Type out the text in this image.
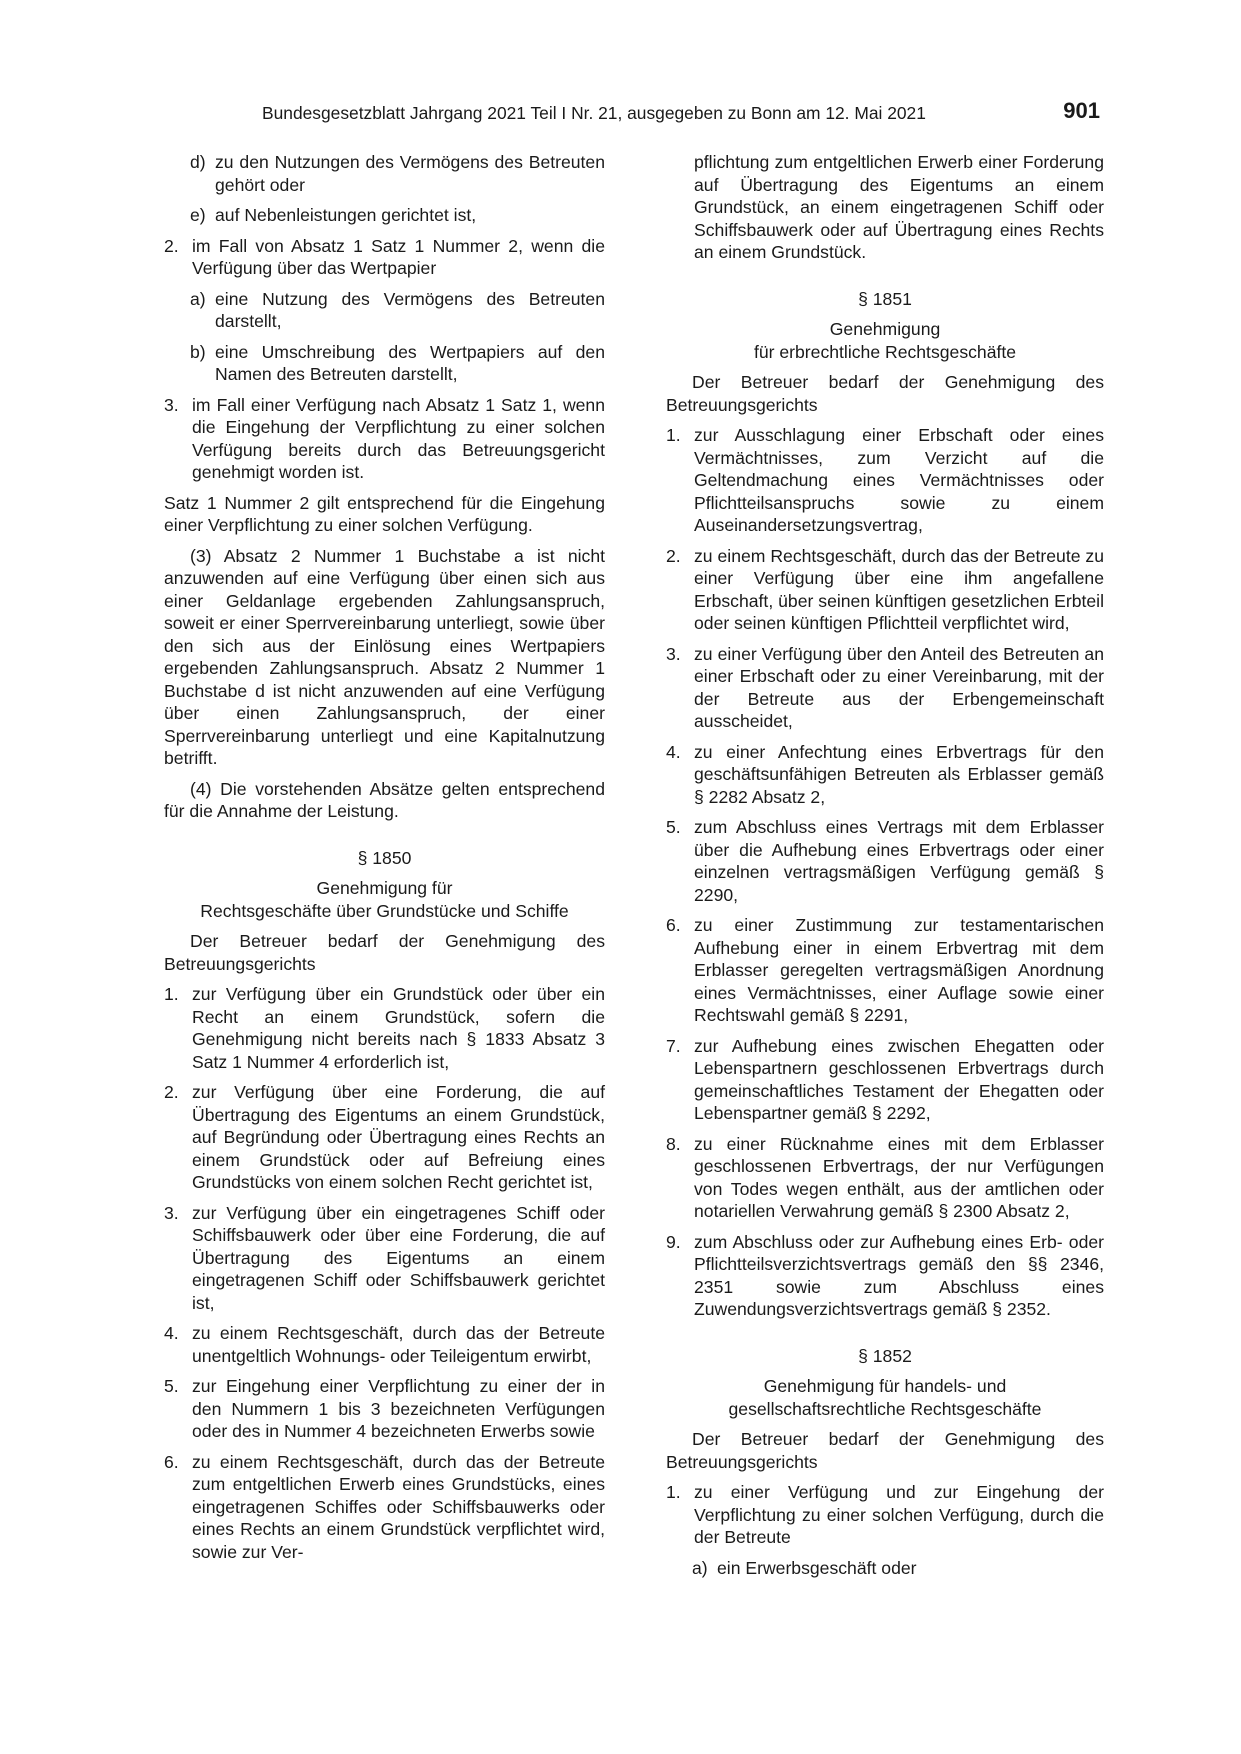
Bundesgesetzblatt Jahrgang 2021 Teil I Nr. 21, ausgegeben zu Bonn am 12. Mai 2021	901
d) zu den Nutzungen des Vermögens des Betreuten gehört oder
e) auf Nebenleistungen gerichtet ist,
2. im Fall von Absatz 1 Satz 1 Nummer 2, wenn die Verfügung über das Wertpapier
a) eine Nutzung des Vermögens des Betreuten darstellt,
b) eine Umschreibung des Wertpapiers auf den Namen des Betreuten darstellt,
3. im Fall einer Verfügung nach Absatz 1 Satz 1, wenn die Eingehung der Verpflichtung zu einer solchen Verfügung bereits durch das Betreuungsgericht genehmigt worden ist.

Satz 1 Nummer 2 gilt entsprechend für die Eingehung einer Verpflichtung zu einer solchen Verfügung.

(3) Absatz 2 Nummer 1 Buchstabe a ist nicht anzuwenden auf eine Verfügung über einen sich aus einer Geldanlage ergebenden Zahlungsanspruch, soweit er einer Sperrvereinbarung unterliegt, sowie über den sich aus der Einlösung eines Wertpapiers ergebenden Zahlungsanspruch. Absatz 2 Nummer 1 Buchstabe d ist nicht anzuwenden auf eine Verfügung über einen Zahlungsanspruch, der einer Sperrvereinbarung unterliegt und eine Kapitalnutzung betrifft.

(4) Die vorstehenden Absätze gelten entsprechend für die Annahme der Leistung.

§ 1850
Genehmigung für
Rechtsgeschäfte über Grundstücke und Schiffe

Der Betreuer bedarf der Genehmigung des Betreuungsgerichts

1. zur Verfügung über ein Grundstück oder über ein Recht an einem Grundstück, sofern die Genehmigung nicht bereits nach § 1833 Absatz 3 Satz 1 Nummer 4 erforderlich ist,
2. zur Verfügung über eine Forderung, die auf Übertragung des Eigentums an einem Grundstück, auf Begründung oder Übertragung eines Rechts an einem Grundstück oder auf Befreiung eines Grundstücks von einem solchen Recht gerichtet ist,
3. zur Verfügung über ein eingetragenes Schiff oder Schiffsbauwerk oder über eine Forderung, die auf Übertragung des Eigentums an einem eingetragenen Schiff oder Schiffsbauwerk gerichtet ist,
4. zu einem Rechtsgeschäft, durch das der Betreute unentgeltlich Wohnungs- oder Teileigentum erwirbt,
5. zur Eingehung einer Verpflichtung zu einer der in den Nummern 1 bis 3 bezeichneten Verfügungen oder des in Nummer 4 bezeichneten Erwerbs sowie
6. zu einem Rechtsgeschäft, durch das der Betreute zum entgeltlichen Erwerb eines Grundstücks, eines eingetragenen Schiffes oder Schiffsbauwerks oder eines Rechts an einem Grundstück verpflichtet wird, sowie zur Ver-
pflichtung zum entgeltlichen Erwerb einer Forderung auf Übertragung des Eigentums an einem Grundstück, an einem eingetragenen Schiff oder Schiffsbauwerk oder auf Übertragung eines Rechts an einem Grundstück.
§ 1851
Genehmigung
für erbrechtliche Rechtsgeschäfte

Der Betreuer bedarf der Genehmigung des Betreuungsgerichts

1. zur Ausschlagung einer Erbschaft oder eines Vermächtnisses, zum Verzicht auf die Geltendmachung eines Vermächtnisses oder Pflichtteilsanspruchs sowie zu einem Auseinandersetzungsvertrag,
2. zu einem Rechtsgeschäft, durch das der Betreute zu einer Verfügung über eine ihm angefallene Erbschaft, über seinen künftigen gesetzlichen Erbteil oder seinen künftigen Pflichtteil verpflichtet wird,
3. zu einer Verfügung über den Anteil des Betreuten an einer Erbschaft oder zu einer Vereinbarung, mit der der Betreute aus der Erbengemeinschaft ausscheidet,
4. zu einer Anfechtung eines Erbvertrags für den geschäftsunfähigen Betreuten als Erblasser gemäß § 2282 Absatz 2,
5. zum Abschluss eines Vertrags mit dem Erblasser über die Aufhebung eines Erbvertrags oder einer einzelnen vertragsmäßigen Verfügung gemäß § 2290,
6. zu einer Zustimmung zur testamentarischen Aufhebung einer in einem Erbvertrag mit dem Erblasser geregelten vertragsmäßigen Anordnung eines Vermächtnisses, einer Auflage sowie einer Rechtswahl gemäß § 2291,
7. zur Aufhebung eines zwischen Ehegatten oder Lebenspartnern geschlossenen Erbvertrags durch gemeinschaftliches Testament der Ehegatten oder Lebenspartner gemäß § 2292,
8. zu einer Rücknahme eines mit dem Erblasser geschlossenen Erbvertrags, der nur Verfügungen von Todes wegen enthält, aus der amtlichen oder notariellen Verwahrung gemäß § 2300 Absatz 2,
9. zum Abschluss oder zur Aufhebung eines Erb- oder Pflichtteilsverzichtsvertrags gemäß den §§ 2346, 2351 sowie zum Abschluss eines Zuwendungsverzichtsvertrags gemäß § 2352.
§ 1852
Genehmigung für handels- und
gesellschaftsrechtliche Rechtsgeschäfte

Der Betreuer bedarf der Genehmigung des Betreuungsgerichts

1. zu einer Verfügung und zur Eingehung der Verpflichtung zu einer solchen Verfügung, durch die der Betreute
a) ein Erwerbsgeschäft oder
